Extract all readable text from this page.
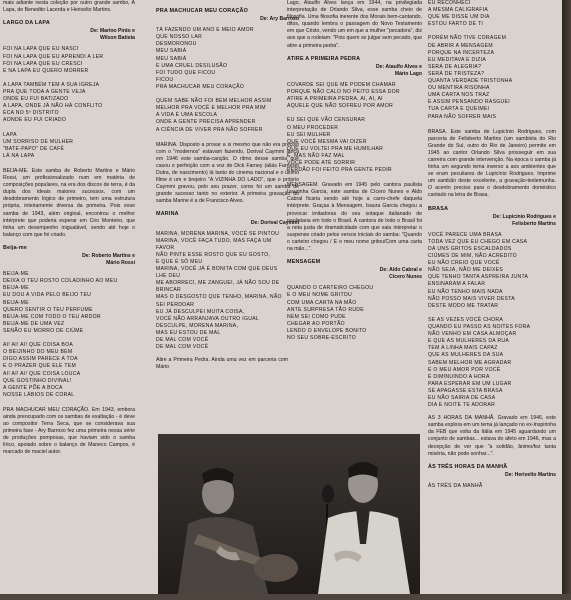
mais adiante nesta coleção por outro grande sambo, A Lapa, de Benedito Lacerda e Herivelto Martins.

LARGO DA LAPA
De: Marino Pinto e
Wilson Batista
FOI NA LAPA QUE EU NASCI
FOI NA LAPA QUE EU APRENDI A LER
FOI NA LAPA QUE EU CRESCI
E NA LAPA EU QUERO MORRER

A LAPA TAMBÉM TEM A SUA IGREJA
PRA QUE TODA A GENTE VEJA
ONDE EU FUI BATIZADO
A LAPA, ONDE JÁ NÃO HÁ CONFLITO
ÉCA NO 5º DISTRITO
AONDE EU FUI CRIADO

LAPA
UM SORRISO DE MULHER
"BATE-PAPO" DE CAFÉ
LÁ NA LAPA

BEIJA-ME. Este samba de Roberto Martins e Mário Rossi, um profissionalizado num em matéria de composições populares, na era dos discos de terra, é da dupla dos ideais maiores sucessos, com um desdobramento lógico de primeiro, tem uma estrutura própria, inteiramente diversa da primeira. Pois esse samba de 1943, além original, encontrou o melhor intérprete que poderia esperar em Ciro Monteiro, que tinha um desempenho inigualável, sendo até hoje o balanço com que foi criado.

Beija-me
De: Roberto Martins e
Mário Rossi
BEIJA-ME
DEIXA O TEU ROSTO COLADINHO AO MEU
BEIJA-ME
EU DOU A VIDA PELO BEIJO TEU
BEIJA-ME
QUERO SENTIR O TEU PERFUME
BEIJA-ME COM TODO O TEU ARDOR
BEIJA-ME DE UMA VEZ
SENÃO EU MORRO DE CIÚME

AI! AI! AI! QUE COISA BOA
O BEIJINHO DO MEU BEM
DIGO ASSIM PARECE A TOA
E O PRAZER QUE ELE TEM
AI! AI! AI! QUE COISA LOUCA
QUE GOSTINHO DIVINAL!
A GENTE PÕE A BOCA
NOSSE LÁBIOS DE CORAL

PRA MACHUCAR MEU CORAÇÃO. Em 1943, embora ainda preocupado com os sambas de exaltação - é deve ao compositor Terra Seca, que se considerava sua primeira fase - Ary Barroso fez uma primeira nessa série de produções pomposas, que haviam sido o samba lírico, apoiado sobre o balanço de Maneco Campos, é marcado de maciel autor.

PRA MACHUCAR MEU CORAÇÃO
De: Ary Barroso
TÁ FAZENDO UM ANO E MEIO AMOR
QUE NOSSO LAR
DESMORONOU
MEU SABIÁ
MEU SABIÁ
E UMA CRUEL DESILUSÃO
FOI TUDO QUE FICOU
FICOU
PRA MACHUCAR MEU CORAÇÃO

QUEM SABE NÃO FOI BEM MELHOR ASSIM
MELHOR PRA VOCÊ E MELHOR PRA MIM
A VIDA É UMA ESCOLA
ONDE A GENTE PRECISA APRENDER
A CIÊNCIA DE VIVER PRA NÃO SOFRER

MARINA. Disposto a provar a si mesmo que não era preciso com o "modernos" estavam fazendo, Dorival Caymmi lança em 1946 este samba-canção. O ritmo desse samba que casou o perfeição com a voz de Dick Farney (aliás Farnésio Dutra, de nascimento) lá tanto do cinema nacional e o último filme é um e brejeiro "A VIZINHA DO LADO", que o próprio Caymmi gravou, pelo seu prazer, como foi um samba de grande sucesso tanto no exterior. A primeira gravação do samba Marine é a de Francisco Alves.

MARINA
De: Dorival Caymmi
MARINA, MORENA MARINA, VOCÊ SE PINTOU
MARINA, VOCÊ FAÇA TUDO, MAS FAÇA UM FAVOR
NÃO PINTE ESSE ROSTO QUE EU GOSTO,
E QUE É SÓ MEU
MARINA, VOCÊ JÁ É BONITA COM QUE DEUS LHE DEU
ME ABORRECI, ME ZANGUEI, JÁ NÃO SOU DE BRINCAR
MAS O DESGOSTO QUE TENHO, MARINA, NÃO SEI PERDOAR
EU JÁ DESCULPEI MUITA COISA,
VOCÊ NÃO ARRANJAVA OUTRO IGUAL
DESCULPE, MORENA MARINA,
MAS EU ESTOU DE MAL
DE MAL COM VOCÊ
DE MAL COM VOCÊ

Atire a Primeira Pedra. Ainda uma vez em parceria com Mário

Lago, Ataulfo Alves lança em 1944, na privilegiada interpretação de Orlando Silva, esse samba cheio de filosofia. Uma filosofia inerente dos Morais bem-cantando, ditos, quando lembra o passagem do Novo Testamento em que Cristo, vendo um em que a mulher "pecadora", diz aos que a rodeiam: "Pois quem se julgar sem pecado, que atire a primeira pedra".

ATIRE A PRIMEIRA PEDRA
De: Ataulfo Alves e
Mário Lago
COVARDE SEI QUE ME PODEM CHAMAR
PORQUE NÃO CALO NO PEITO ESSA DOR
ATIRE A PRIMEIRA PEDRA, AI, AI, AI
AQUELE QUE NÃO SOFREU POR AMOR

EU SEI QUE VÃO CENSURAR
O MEU PROCEDER
EU SEI MULHER
QUE VOCÊ MESMA VAI DIZER
QUE EU VOLTEI PRA ME HUMILHAR
É, MAS NÃO FAZ MAL
VOCÊ PODE ATÉ SORRIR
PERDÃO FOI FEITO PRA GENTE PEDIR

MENSAGEM. Gravado em 1945 pelo cantora paulista Isaurinha Garcia, este samba de Cícero Nunes e Aldo Cabral ficaria sendo até hoje a carro-chefe daquela intérprete. Graças à Mensagem, Isaura Garcia chegou a provocar imitadoras do seu sotaque italianado de paulistana em todo o Brasil. A cantora de todo o Brasil foi a nota justa de dramaticidade com que saiu interpretar o suspense criado pelos versos iniciais do samba: "Quando o carteiro chegou / E o meu nome gritou/Com uma carta na mão...".

MENSAGEM
De: Aldo Cabral e
Cícero Nunes
QUANDO O CARTEIRO CHEGOU
E O MEU NOME GRITOU
COM UMA CARTA NA MÃO
ANTE SURPRESA TÃO RUDE
NEM SEI COMO PUDE
CHEGAR AO PORTÃO
LENDO O ENVELOPE BONITO
NO SEU SOBRE-ESCRITO
EU RECONHECI
A MESMA CALIGRAFIA
QUE ME DISSE UM DIA
ESTOU FARTO DE TI

PORÉM NÃO TIVE CORAGEM
DE ABRIR A MENSAGEM
PORQUE NA INCERTEZA
EU MEDITAVA E DIZIA
SERÁ DE ALEGRIA?
SERÁ DE TRISTEZA?
QUANTA VERDADE TRISTONHA
OU MENTIRA RISONHA
UMA CARTA NOS TRAZ
E ASSIM PENSANDO RASGUEI
TUA CARTA E QUEIMEI
PARA NÃO SOFRER MAIS

BRASA. Este samba de Lupicínio Rodrigues, com parceria de Felisberto Martins (um sambista do Rio Grande do Sul, outro do Rio de Janeiro) permite em 1945 ao cantor Orlando Silva prosseguir em sua carreira com grande intervenção. Na época o samba já tinha um segundo tema inverso a aos ambientes que se eram peculiares de Lupicínio Rodrigues. Imprime um sambão deste excelente, a gravação-testemunha. O acento preciso para o desdobramento doméstico cantado na letra de Brasa.

BRASA
De: Lupicínio Rodrigues e
Felisberto Martins
VOCÊ PARECE UMA BRASA
TODA VEZ QUE EU CHEGO EM CASA
DÁ UNS GRITOS ESCALDADOS
CIÚMES DE MIM, NÃO ACREDITO
EU NÃO CREIO QUE VOCÊ
NÃO SEJA, NÃO ME DEIXES
QUE TENHO TANTA ASPREIRA JUNTA
ENSINARAM A FALAR
EU NÃO TENHO MAIS NADA
NÃO POSSO MAIS VIVER DESTA
DESTE MODO ME TRATAR

SE AS VEZES VOCÊ CHORA
QUANDO EU PASSO AS NOITES FORA
NÃO VENHO EM CASA ALMOÇAR
E QUE AS MULHERES DA RUA
TEM A LINHA MAIS CAPAZ
QUE AS MULHERES DA SUA
SABEM MELHOR ME AGRADAR
E O MEU AMOR POR VOCÊ
É DIMINUINDO A HORA
PARA ESPERAR EM UM LUGAR
SE APAGASSE ESTA BRASA
EU NÃO SAIRIA DE CASA
DIA E NOITE TE ADORAR

AS 3 HORAS DA MANHÃ. Gravado em 1946, este samba explora em um tema já lançado no ex-Inspirinha da FEB que volta da Itália em 1945 aguardando um conjunto de sambas... estava do afeto em 1946, mas a decepção de ver que "a solidão, ânimo/fez tanta miséria, não pode sonhar...".

ÀS TRÊS HORAS DA MANHÃ
De: Herivelto Martins
ÀS TRÊS DA MANHÃ
